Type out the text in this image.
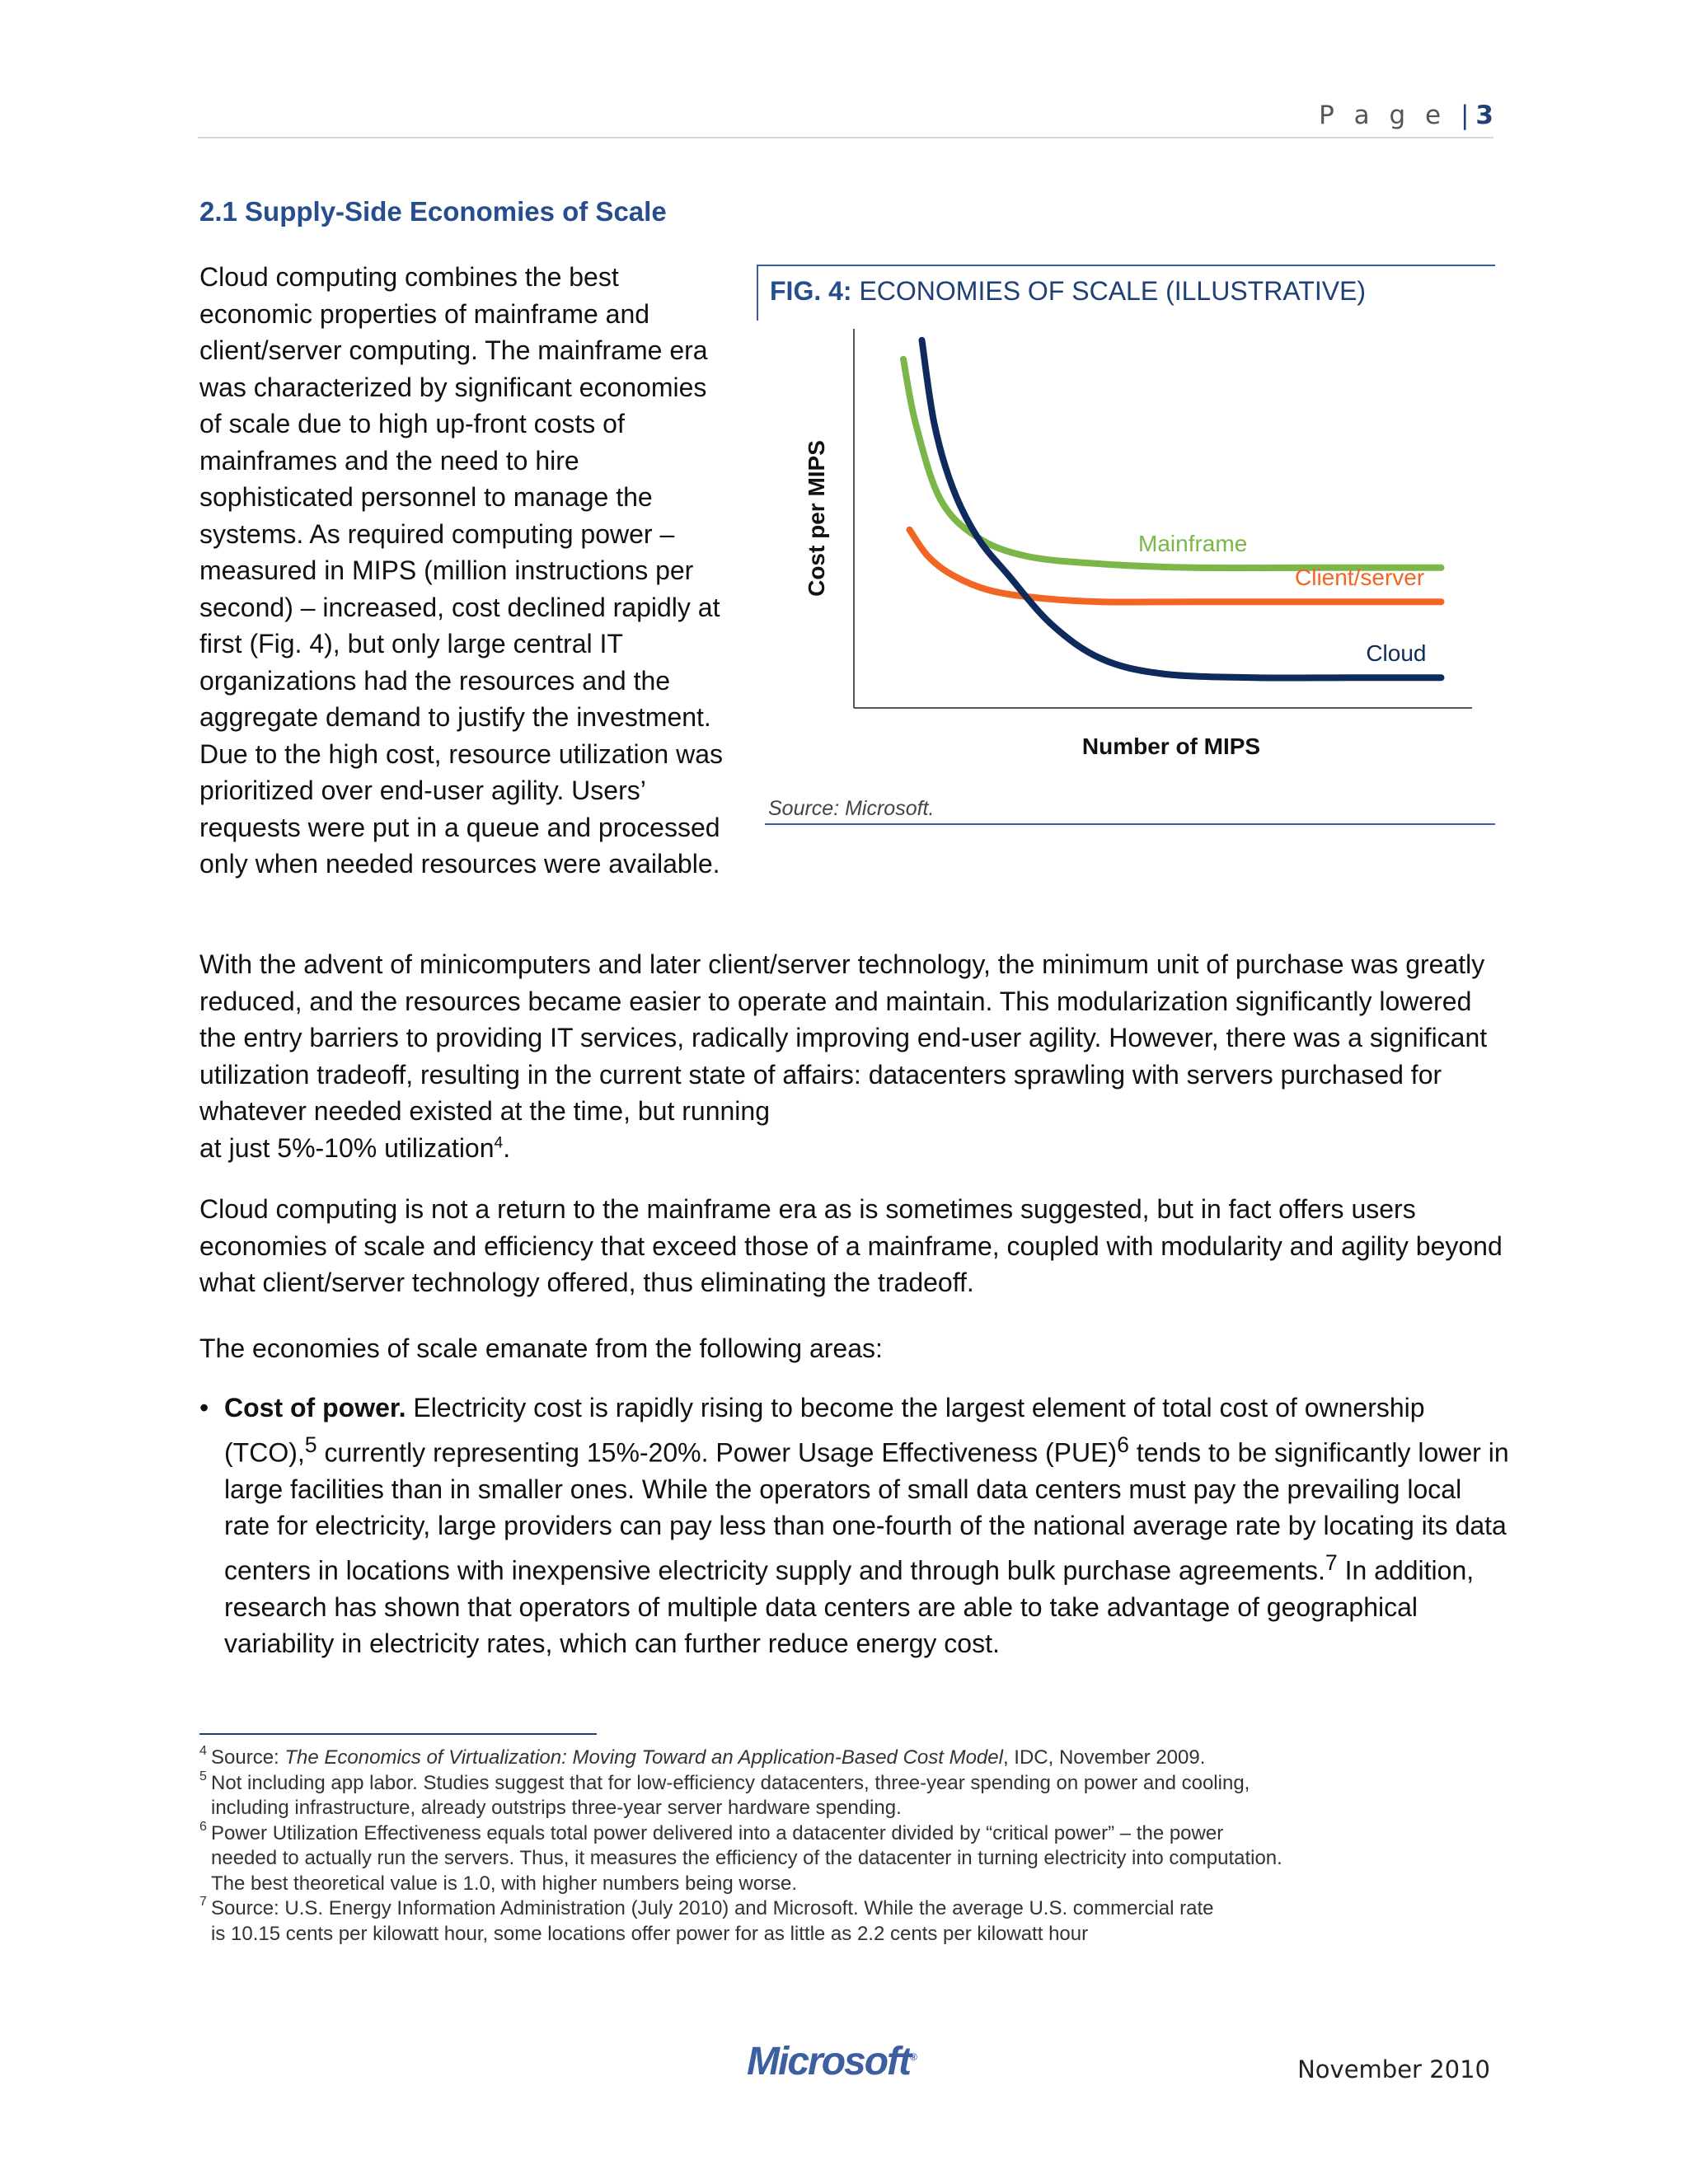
P a g e | 3
2.1 Supply-Side Economies of Scale
Cloud computing combines the best economic properties of mainframe and client/server computing. The mainframe era was characterized by significant economies of scale due to high up-front costs of mainframes and the need to hire sophisticated personnel to manage the systems. As required computing power – measured in MIPS (million instructions per second) – increased, cost declined rapidly at first (Fig. 4), but only large central IT organizations had the resources and the aggregate demand to justify the investment. Due to the high cost, resource utilization was prioritized over end-user agility. Users’ requests were put in a queue and processed only when needed resources were available.
FIG. 4: ECONOMIES OF SCALE (ILLUSTRATIVE)
Cost per MIPS
Number of MIPS
Mainframe
Client/server
Cloud
Source: Microsoft.
With the advent of minicomputers and later client/server technology, the minimum unit of purchase was greatly reduced, and the resources became easier to operate and maintain. This modularization significantly lowered the entry barriers to providing IT services, radically improving end-user agility. However, there was a significant utilization tradeoff, resulting in the current state of affairs: datacenters sprawling with servers purchased for whatever needed existed at the time, but running
at just 5%-10% utilization$^4$.
Cloud computing is not a return to the mainframe era as is sometimes suggested, but in fact offers users economies of scale and efficiency that exceed those of a mainframe, coupled with modularity and agility beyond what client/server technology offered, thus eliminating the tradeoff.
The economies of scale emanate from the following areas:
• Cost of power. Electricity cost is rapidly rising to become the largest element of total cost of ownership (TCO),$^5$ currently representing 15%-20%. Power Usage Effectiveness (PUE)$^6$ tends to be significantly lower in large facilities than in smaller ones. While the operators of small data centers must pay the prevailing local rate for electricity, large providers can pay less than one-fourth of the national average rate by locating its data centers in locations with inexpensive electricity supply and through bulk purchase agreements.$^7$ In addition, research has shown that operators of multiple data centers are able to take advantage of geographical variability in electricity rates, which can further reduce energy cost.
4 Source: The Economics of Virtualization: Moving Toward an Application-Based Cost Model, IDC, November 2009.
5 Not including app labor. Studies suggest that for low-efficiency datacenters, three-year spending on power and cooling,
including infrastructure, already outstrips three-year server hardware spending.
6 Power Utilization Effectiveness equals total power delivered into a datacenter divided by “critical power” – the power
needed to actually run the servers. Thus, it measures the efficiency of the datacenter in turning electricity into computation.
The best theoretical value is 1.0, with higher numbers being worse.
7 Source: U.S. Energy Information Administration (July 2010) and Microsoft. While the average U.S. commercial rate
is 10.15 cents per kilowatt hour, some locations offer power for as little as 2.2 cents per kilowatt hour
Microsoft®	November 2010
